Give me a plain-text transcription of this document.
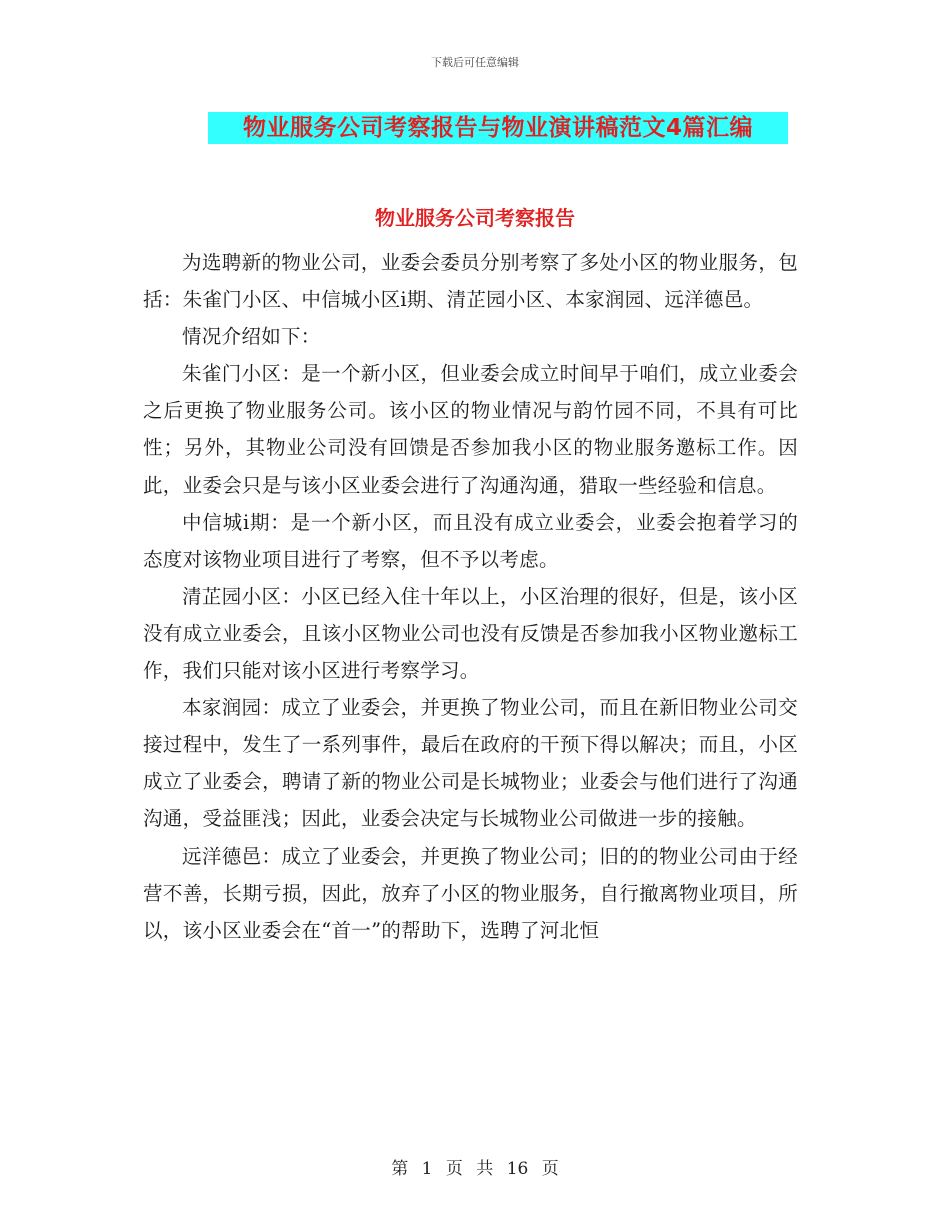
下载后可任意编辑
物业服务公司考察报告与物业演讲稿范文4篇汇编
物业服务公司考察报告

为选聘新的物业公司，业委会委员分别考察了多处小区的物业服务，包括：朱雀门小区、中信城小区ⅰ期、清芷园小区、本家润园、远洋德邑。

情况介绍如下：

朱雀门小区：是一个新小区，但业委会成立时间早于咱们，成立业委会之后更换了物业服务公司。该小区的物业情况与韵竹园不同，不具有可比性；另外，其物业公司没有回馈是否参加我小区的物业服务邀标工作。因此，业委会只是与该小区业委会进行了沟通沟通，猎取一些经验和信息。

中信城ⅰ期：是一个新小区，而且没有成立业委会，业委会抱着学习的态度对该物业项目进行了考察，但不予以考虑。

清芷园小区：小区已经入住十年以上，小区治理的很好，但是，该小区没有成立业委会，且该小区物业公司也没有反馈是否参加我小区物业邀标工作，我们只能对该小区进行考察学习。

本家润园：成立了业委会，并更换了物业公司，而且在新旧物业公司交接过程中，发生了一系列事件，最后在政府的干预下得以解决；而且，小区成立了业委会，聘请了新的物业公司是长城物业；业委会与他们进行了沟通沟通，受益匪浅；因此，业委会决定与长城物业公司做进一步的接触。

远洋德邑：成立了业委会，并更换了物业公司；旧的的物业公司由于经营不善，长期亏损，因此，放弃了小区的物业服务，自行撤离物业项目，所以，该小区业委会在“首一”的帮助下，选聘了河北恒

第 1 页 共 16 页
